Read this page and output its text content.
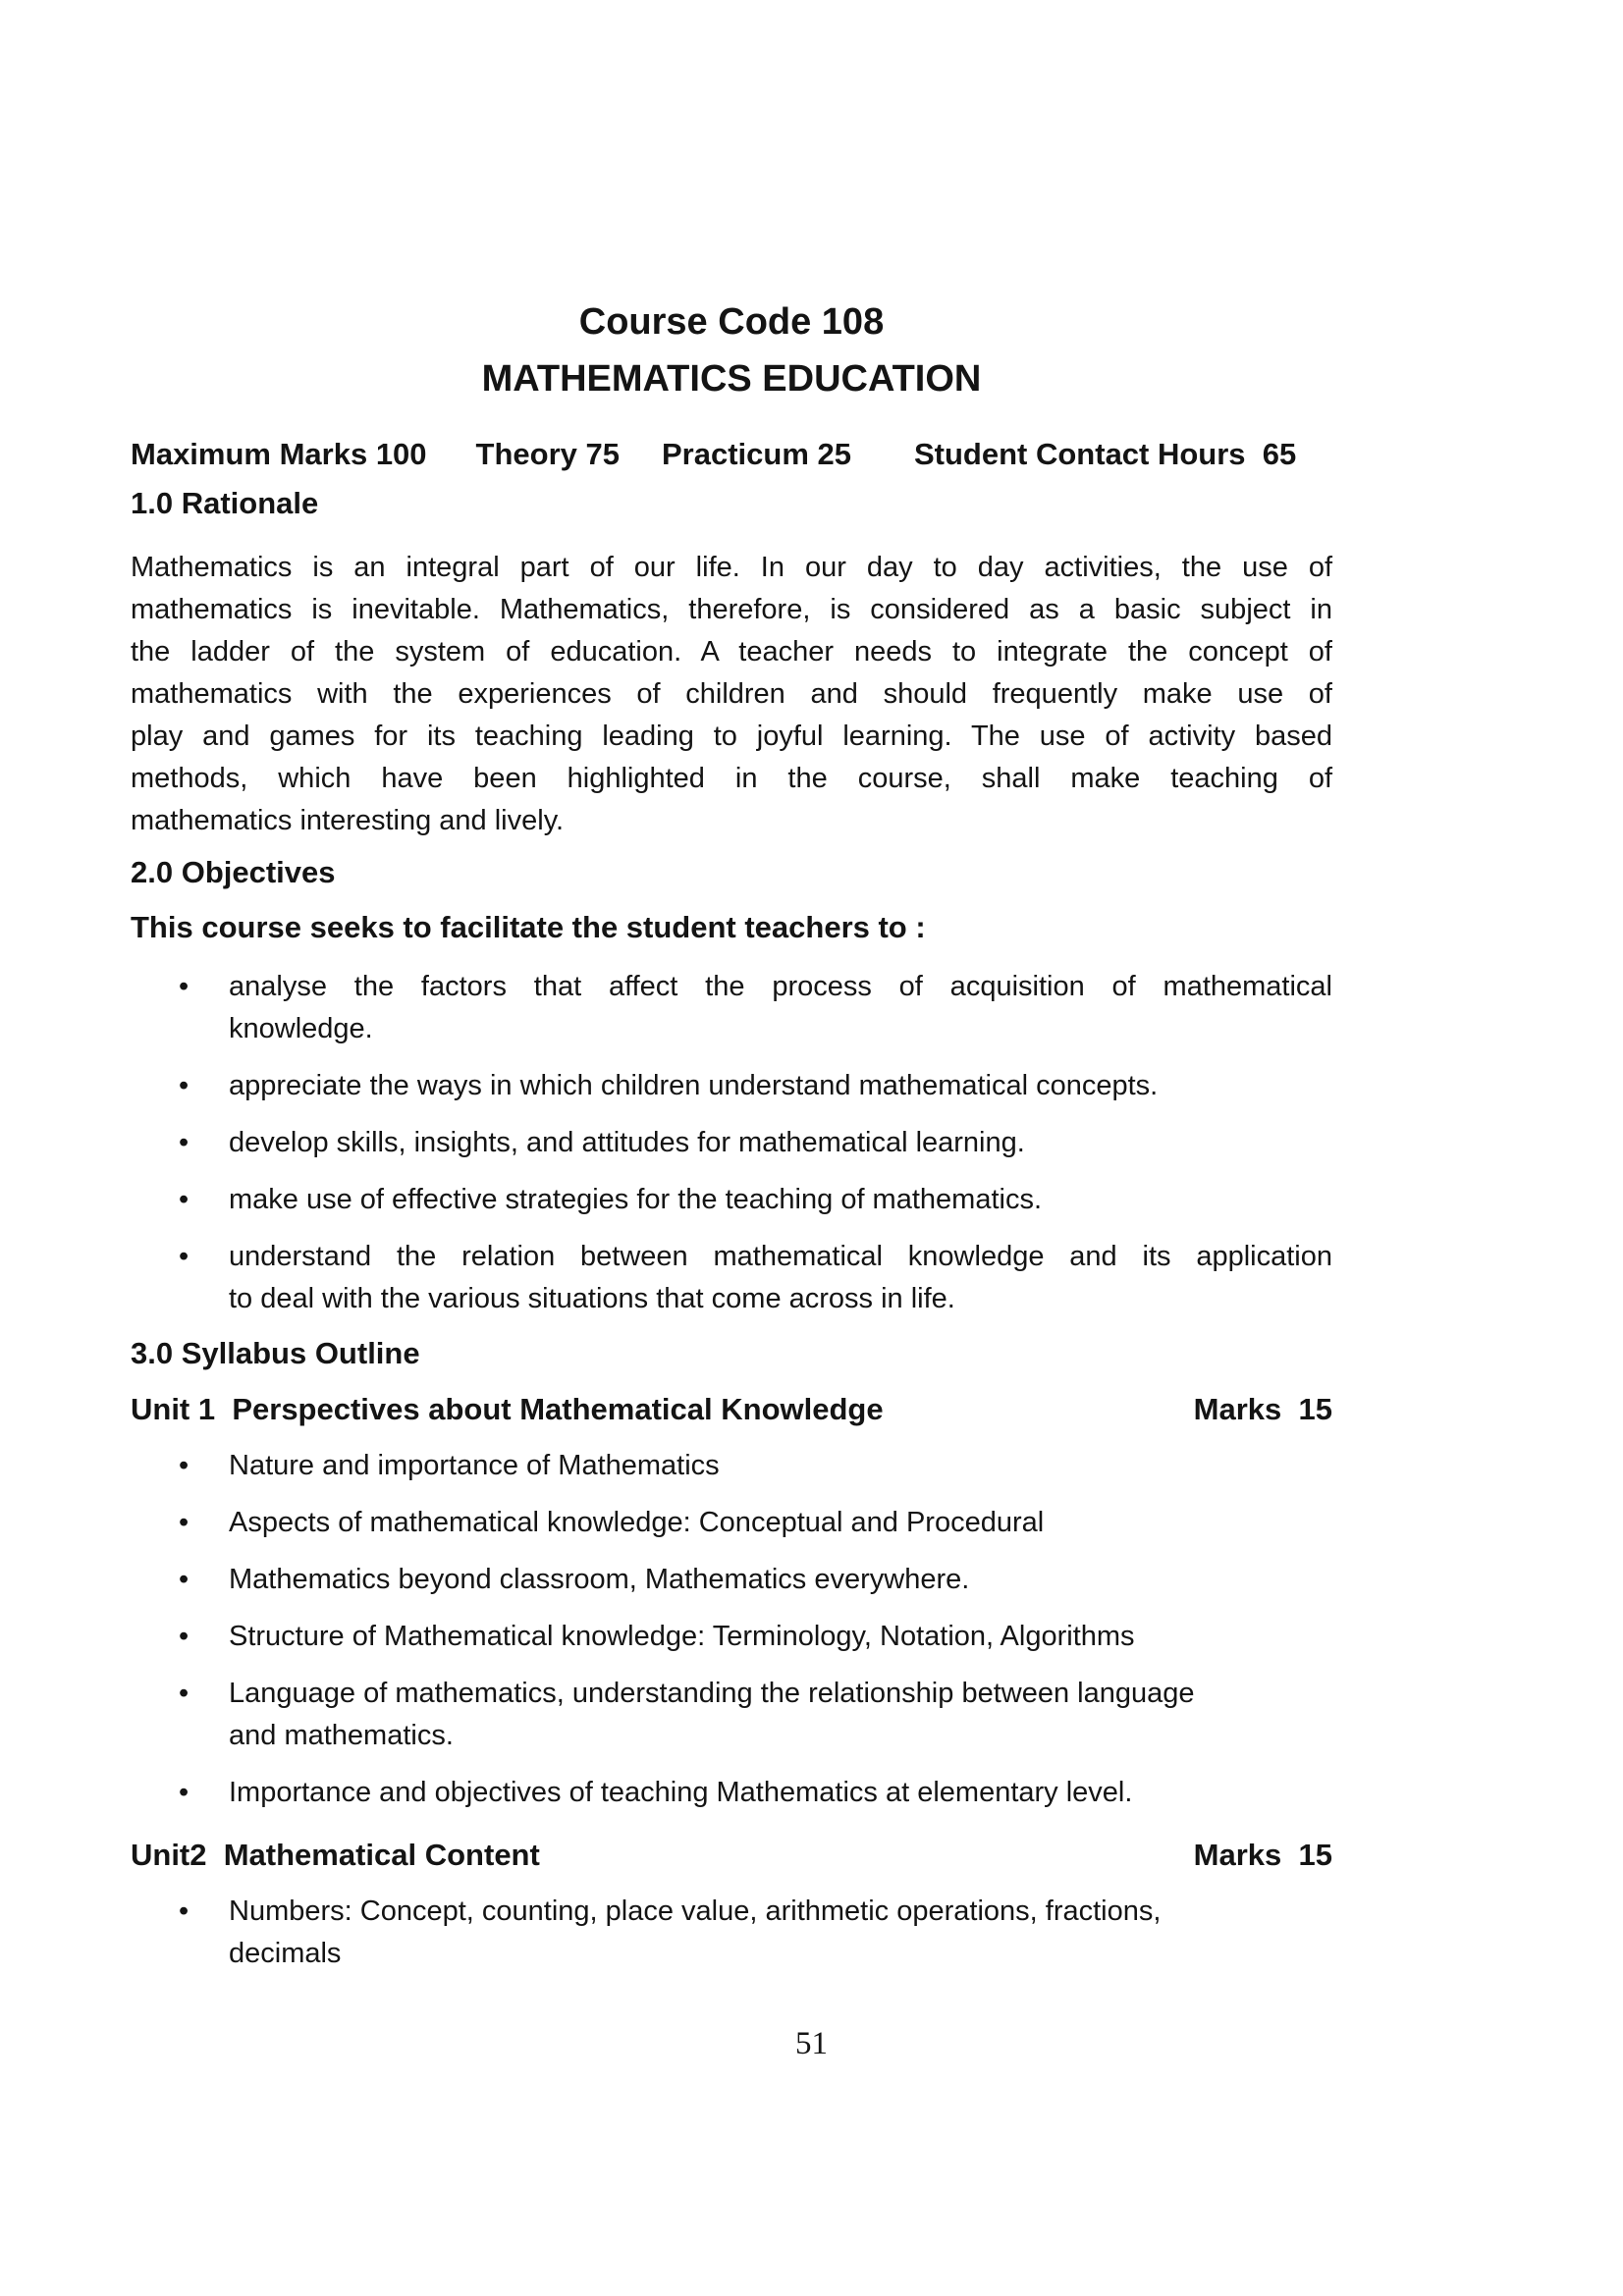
Course Code 108
MATHEMATICS EDUCATION
Maximum Marks 100 Theory 75 Practicum 25 Student Contact Hours  65
1.0 Rationale
Mathematics is an integral part of our life. In our day to day activities, the use of
mathematics is inevitable. Mathematics, therefore, is considered as a basic subject in
the ladder of the system of education. A teacher needs to integrate the concept of
mathematics with the experiences of children and should frequently make use of
play and games for its teaching leading to joyful learning. The use of activity based
methods, which have been highlighted in the course, shall make teaching of
mathematics interesting and lively.
2.0 Objectives
This course seeks to facilitate the student teachers to :
• analyse the factors that affect the process of acquisition of mathematical
knowledge.
• appreciate the ways in which children understand mathematical concepts.
• develop skills, insights, and attitudes for mathematical learning.
• make use of effective strategies for the teaching of mathematics.
• understand the relation between mathematical knowledge and its application
to deal with the various situations that come across in life.
3.0 Syllabus Outline
Unit 1  Perspectives about Mathematical Knowledge	Marks  15
• Nature and importance of Mathematics
• Aspects of mathematical knowledge: Conceptual and Procedural
• Mathematics beyond classroom, Mathematics everywhere.
• Structure of Mathematical knowledge: Terminology, Notation, Algorithms
• Language of mathematics, understanding the relationship between language
and mathematics.
• Importance and objectives of teaching Mathematics at elementary level.
Unit2  Mathematical Content	Marks  15
• Numbers: Concept, counting, place value, arithmetic operations, fractions,
decimals
51
